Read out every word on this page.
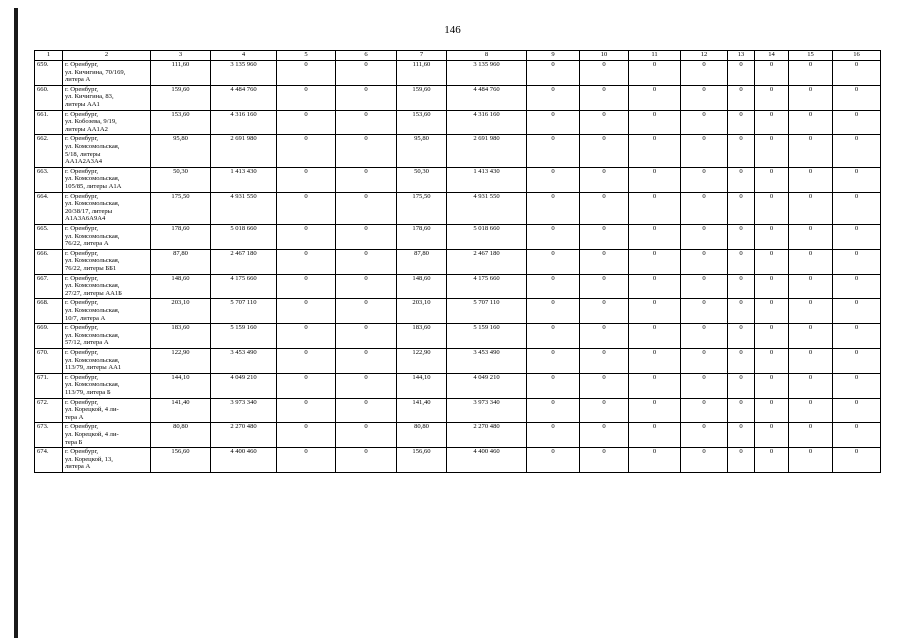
146
1	2	3	4	5	6	7	8	9	10	11	12	13	14	15	16
659.	г. Оренбург,
ул. Кичигина, 70/169,
литера А	111,60	3 135 960	0	0	111,60	3 135 960	0	0	0	0	0	0	0	0
660.	г. Оренбург,
ул. Кичигина, 83,
литеры АА1	159,60	4 484 760	0	0	159,60	4 484 760	0	0	0	0	0	0	0	0
661.	г. Оренбург,
ул. Кобозева, 9/19,
литеры АА1А2	153,60	4 316 160	0	0	153,60	4 316 160	0	0	0	0	0	0	0	0
662.	г. Оренбург,
ул. Комсомольская,
5/18, литеры
АА1А2А3А4	95,80	2 691 980	0	0	95,80	2 691 980	0	0	0	0	0	0	0	0
663.	г. Оренбург,
ул. Комсомольская,
105/85, литеры А1А	50,30	1 413 430	0	0	50,30	1 413 430	0	0	0	0	0	0	0	0
664.	г. Оренбург,
ул. Комсомольская,
20/38/17, литеры
А1А3А6А9А4	175,50	4 931 550	0	0	175,50	4 931 550	0	0	0	0	0	0	0	0
665.	г. Оренбург,
ул. Комсомольская,
76/22, литера А	178,60	5 018 660	0	0	178,60	5 018 660	0	0	0	0	0	0	0	0
666.	г. Оренбург,
ул. Комсомольская,
76/22, литеры ББ1	87,80	2 467 180	0	0	87,80	2 467 180	0	0	0	0	0	0	0	0
667.	г. Оренбург,
ул. Комсомольская,
27/27, литеры АА1Б	148,60	4 175 660	0	0	148,60	4 175 660	0	0	0	0	0	0	0	0
668.	г. Оренбург,
ул. Комсомольская,
10/7, литера А	203,10	5 707 110	0	0	203,10	5 707 110	0	0	0	0	0	0	0	0
669.	г. Оренбург,
ул. Комсомольская,
57/12, литера А	183,60	5 159 160	0	0	183,60	5 159 160	0	0	0	0	0	0	0	0
670.	г. Оренбург,
ул. Комсомольская,
113/79, литеры АА1	122,90	3 453 490	0	0	122,90	3 453 490	0	0	0	0	0	0	0	0
671.	г. Оренбург,
ул. Комсомольская,
113/79, литера Б	144,10	4 049 210	0	0	144,10	4 049 210	0	0	0	0	0	0	0	0
672.	г. Оренбург,
ул. Корецкой, 4 ли-
тера А	141,40	3 973 340	0	0	141,40	3 973 340	0	0	0	0	0	0	0	0
673.	г. Оренбург,
ул. Корецкой, 4 ли-
тера Б	80,80	2 270 480	0	0	80,80	2 270 480	0	0	0	0	0	0	0	0
674.	г. Оренбург,
ул. Корецкой, 13,
литера А	156,60	4 400 460	0	0	156,60	4 400 460	0	0	0	0	0	0	0	0
